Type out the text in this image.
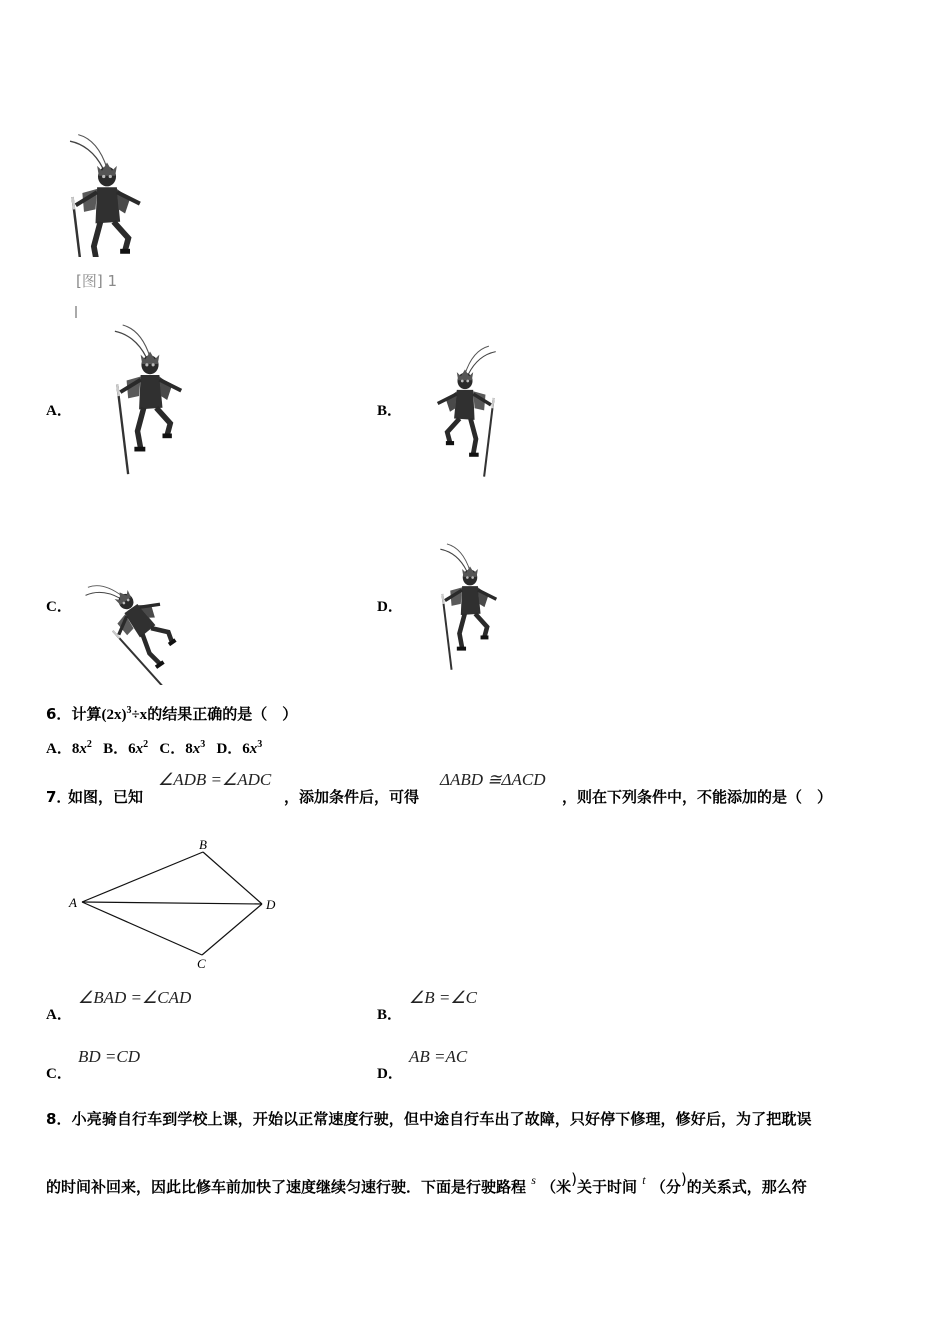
[图] 1
A．	B．
C．	D．
6．计算$(2x)^3\div x$的结果正确的是（　）
A．$8x^2$ B．$6x^2$ C．$8x^3$ D．$6x^3$
7．
如图，已知
∠ADB =∠ADC
，添加条件后，可得
ΔABD ≅ΔACD
，则在下列条件中，不能添加的是（　）
A
B
C
D
A．
∠BAD =∠CAD
B．
∠B =∠C
C．
BD =CD
D．
AB =AC
8．小亮骑自行车到学校上课，开始以正常速度行驶，但中途自行车出了故障，只好停下修理，修好后，为了把耽误
的时间补回来，因此比修车前加快了速度继续匀速行驶．下面是行驶路程 $^s$ （米)关于时间 $^t$ （分)的关系式，那么符
